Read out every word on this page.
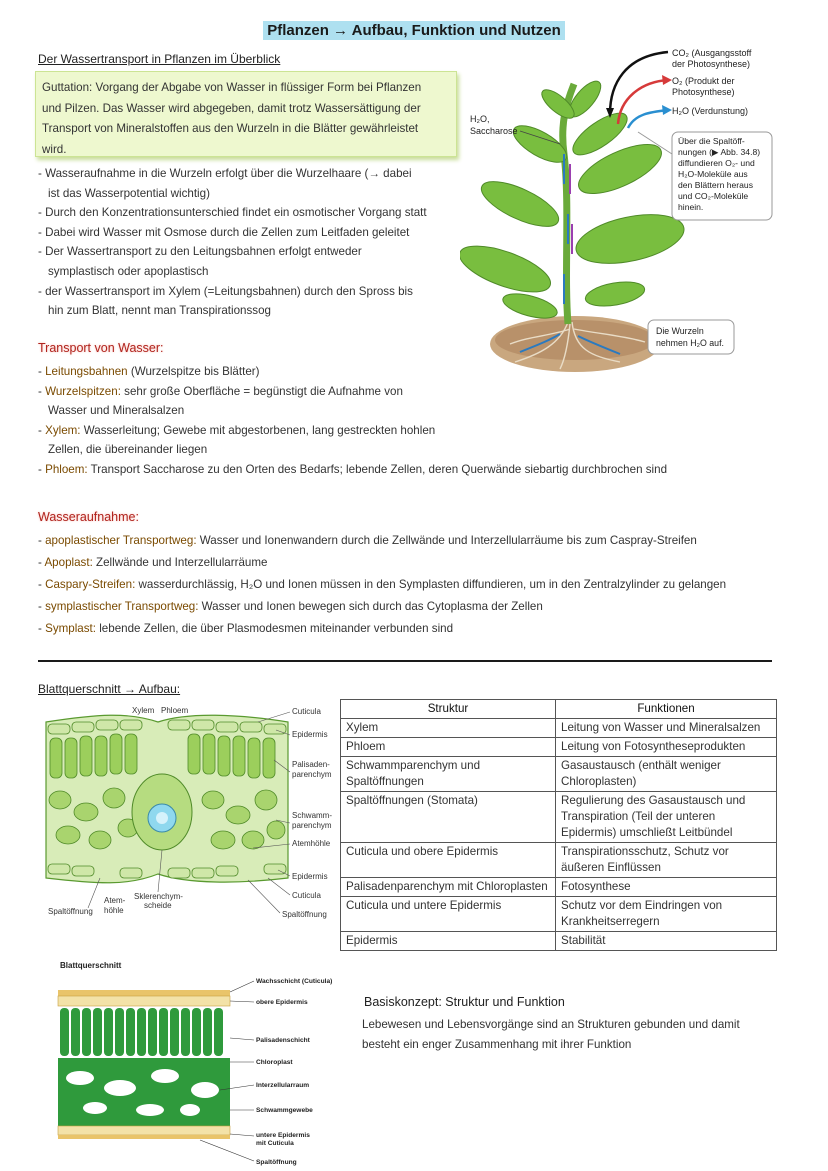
Pflanzen → Aufbau, Funktion und Nutzen
Der Wassertransport in Pflanzen im Überblick
Guttation: Vorgang der Abgabe von Wasser in flüssiger Form bei Pflanzen
und Pilzen. Das Wasser wird abgegeben, damit trotz Wassersättigung der
Transport von Mineralstoffen aus den Wurzeln in die Blätter gewährleistet
wird.
- Wasseraufnahme in die Wurzeln erfolgt über die Wurzelhaare (→ dabei
ist das Wasserpotential wichtig)
- Durch den Konzentrationsunterschied findet ein osmotischer Vorgang statt
- Dabei wird Wasser mit Osmose durch die Zellen zum Leitfaden geleitet
- Der Wassertransport zu den Leitungsbahnen erfolgt entweder
symplastisch oder apoplastisch
- der Wassertransport im Xylem (=Leitungsbahnen) durch den Spross bis
hin zum Blatt, nennt man Transpirationssog
H₂O,
Saccharose
CO₂ (Ausgangsstoff
der Photosynthese)
O₂ (Produkt der
Photosynthese)
H₂O (Verdunstung)
Über die Spaltöff-
nungen (▶ Abb. 34.8)
diffundieren O₂- und
H₂O-Moleküle aus
den Blättern heraus
und CO₂-Moleküle
hinein.
Die Wurzeln
nehmen H₂O auf.
Transport von Wasser:
- Leitungsbahnen (Wurzelspitze bis Blätter)
- Wurzelspitzen: sehr große Oberfläche = begünstigt die Aufnahme von
Wasser und Mineralsalzen
- Xylem: Wasserleitung; Gewebe mit abgestorbenen, lang gestreckten hohlen
Zellen, die übereinander liegen
- Phloem: Transport Saccharose zu den Orten des Bedarfs; lebende Zellen, deren Querwände siebartig durchbrochen sind
Wasseraufnahme:
- apoplastischer Transportweg: Wasser und Ionenwandern durch die Zellwände und Interzellularräume bis zum Caspray-Streifen
- Apoplast: Zellwände und Interzellularräume
- Caspary-Streifen: wasserdurchlässig, H₂O und Ionen müssen in den Symplasten diffundieren, um in den Zentralzylinder zu gelangen
- symplastischer Transportweg: Wasser und Ionen bewegen sich durch das Cytoplasma der Zellen
- Symplast: lebende Zellen, die über Plasmodesmen miteinander verbunden sind
Blattquerschnitt → Aufbau:
Xylem Phloem	Cuticula
Epidermis
Palisaden-
parenchym
Schwamm-
parenchym
Atemhöhle
Epidermis
Cuticula
Spaltöffnung
Spaltöffnung
Atem-
höhle
Sklerenchym-
scheide
Struktur	Funktionen
Xylem	Leitung von Wasser und Mineralsalzen
Phloem	Leitung von Fotosyntheseprodukten
Schwammparenchym und Spaltöffnungen	Gasaustausch (enthält weniger Chloroplasten)
Spaltöffnungen (Stomata)	Regulierung des Gasaustausch und Transpiration (Teil der unteren Epidermis) umschließt Leitbündel
Cuticula und obere Epidermis	Transpirationsschutz, Schutz vor äußeren Einflüssen
Palisadenparenchym mit Chloroplasten	Fotosynthese
Cuticula und untere Epidermis	Schutz vor dem Eindringen von Krankheitserregern
Epidermis	Stabilität
Blattquerschnitt
Wachsschicht (Cuticula)
obere Epidermis
Palisadenschicht
Chloroplast
Interzellularraum
Schwammgewebe
untere Epidermis
mit Cuticula
Spaltöffnung
Basiskonzept: Struktur und Funktion
Lebewesen und Lebensvorgänge sind an Strukturen gebunden und damit
besteht ein enger Zusammenhang mit ihrer Funktion
